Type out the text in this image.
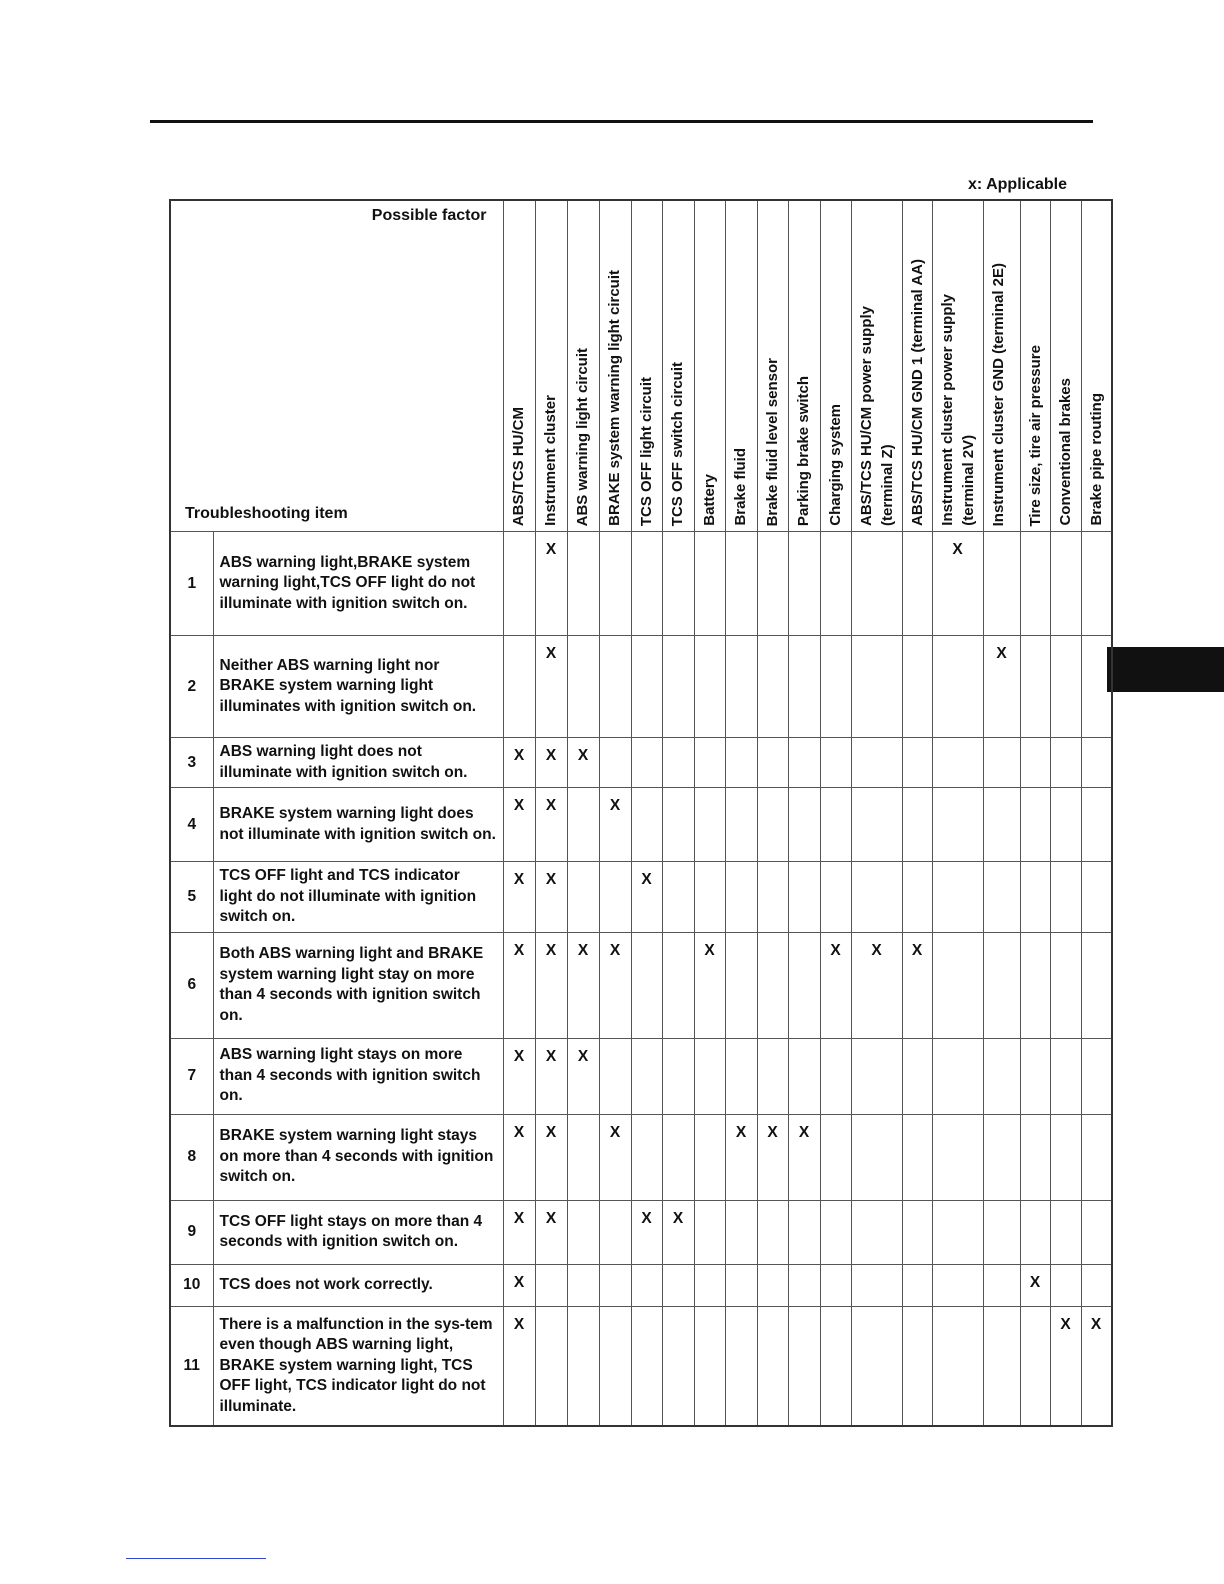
x: Applicable
Possible factor
Troubleshooting item		ABS/TCS HU/CM	Instrument cluster	ABS warning light circuit	BRAKE system warning light circuit	TCS OFF light circuit	TCS OFF switch circuit	Battery	Brake fluid	Brake fluid level sensor	Parking brake switch	Charging system	ABS/TCS HU/CM power supply
(terminal Z)	ABS/TCS HU/CM GND 1 (terminal AA)	Instrument cluster power supply
(terminal 2V)	Instrument cluster GND (terminal 2E)	Tire size, tire air pressure	Conventional brakes	Brake pipe routing
1	ABS warning light,BRAKE system warning light,TCS OFF light do not illuminate with ignition switch on.		X												X				
2	Neither ABS warning light nor BRAKE system warning light illuminates with ignition switch on.		X													X			
3	ABS warning light does not illuminate with ignition switch on.	X	X	X															
4	BRAKE system warning light does not illuminate with ignition switch on.	X	X		X														
5	TCS OFF light and TCS indicator light do not illuminate with ignition switch on.	X	X			X													
6	Both ABS warning light and BRAKE system warning light stay on more than 4 seconds with ignition switch on.	X	X	X	X			X				X	X	X					
7	ABS warning light stays on more than 4 seconds with ignition switch on.	X	X	X															
8	BRAKE system warning light stays on more than 4 seconds with ignition switch on.	X	X		X				X	X	X								
9	TCS OFF light stays on more than 4 seconds with ignition switch on.	X	X			X	X												
10	TCS does not work correctly.	X															X		
11	There is a malfunction in the sys-tem even though ABS warning light, BRAKE system warning light, TCS OFF light, TCS indicator light do not illuminate.	X																X	X
